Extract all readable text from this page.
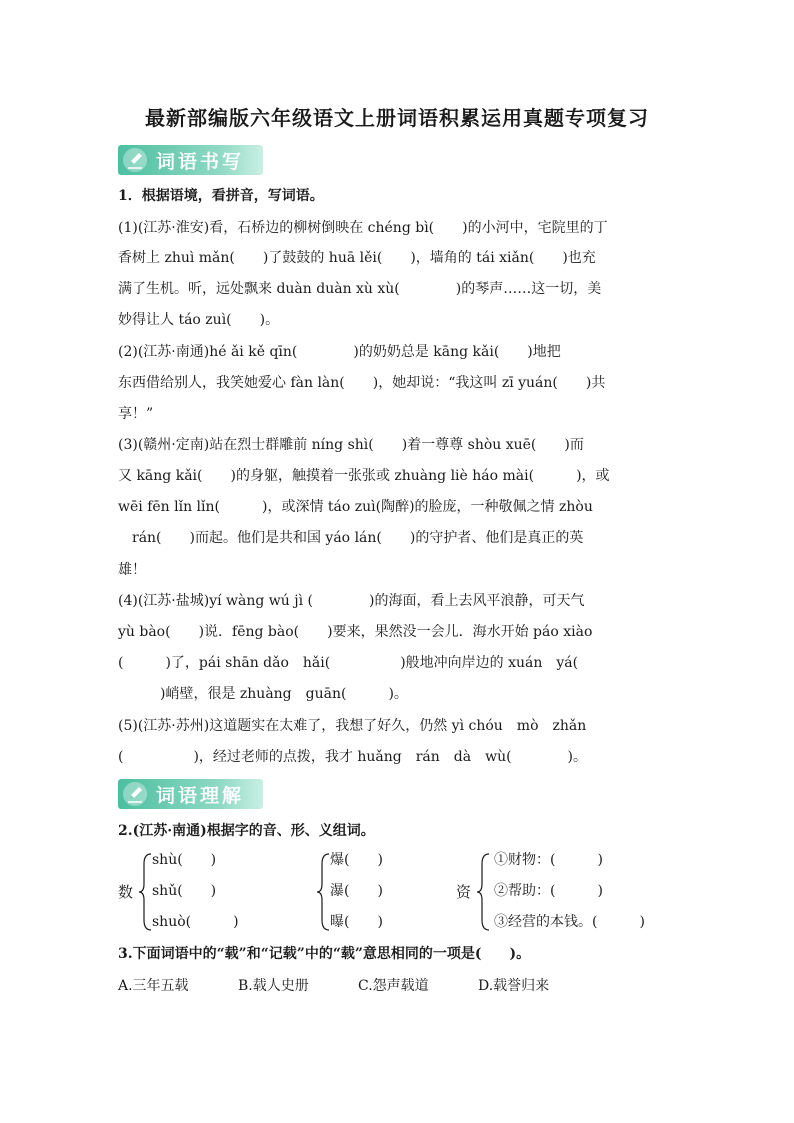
最新部编版六年级语文上册词语积累运用真题专项复习
词语书写
1．根据语境，看拼音，写词语。
(1)(江苏·淮安)看，石桥边的柳树倒映在 chéng bì(　　)的小河中，宅院里的丁
香树上 zhuì mǎn(　　)了鼓鼓的 huā lěi(　　)，墙角的 tái xiǎn(　　)也充
满了生机。听，远处飘来 duàn duàn xù xù(　　　　)的琴声……这一切，美
妙得让人 táo zuì(　　)。
(2)(江苏·南通)hé ǎi kě qīn(　　　　)的奶奶总是 kāng kǎi(　　)地把
东西借给别人，我笑她爱心 fàn làn(　　)，她却说：“我这叫 zī yuán(　　)共
享！”
(3)(赣州·定南)站在烈士群雕前 níng shì(　　)着一尊尊 shòu xuē(　　)而
又 kāng kǎi(　　)的身躯，触摸着一张张或 zhuàng liè háo mài(　　　)，或
wēi fēn lǐn lǐn(　　　)，或深情 táo zuì(陶醉)的脸庞，一种敬佩之情 zhòu
　rán(　　)而起。他们是共和国 yáo lán(　　)的守护者、他们是真正的英
雄！
(4)(江苏·盐城)yí wàng wú jì (　　　　)的海面，看上去风平浪静，可天气
yù bào(　　)说．fēng bào(　　)要来，果然没一会儿．海水开始 páo xiào
(　　　)了，pái shān dǎo　hǎi(　　　　　)般地冲向岸边的 xuán　yá(
　　　)峭壁，很是 zhuàng　guān(　　　)。
(5)(江苏·苏州)这道题实在太难了，我想了好久，仍然 yì chóu　mò　zhǎn
(　　　　　)，经过老师的点拨，我才 huǎng　rán　dà　wù(　　　　)。
词语理解
2.(江苏·南通)根据字的音、形、义组词。
数
shù(　　)
shǔ(　　)
shuò(　　　)
爆(　　)
瀑(　　)
曝(　　)
资
①财物：(　　　)
②帮助：(　　　)
③经营的本钱。(　　　)
3.下面词语中的“载”和“记载”中的“载”意思相同的一项是(　　)。
A.三年五载	B.载人史册	C.怨声载道	D.载誉归来
